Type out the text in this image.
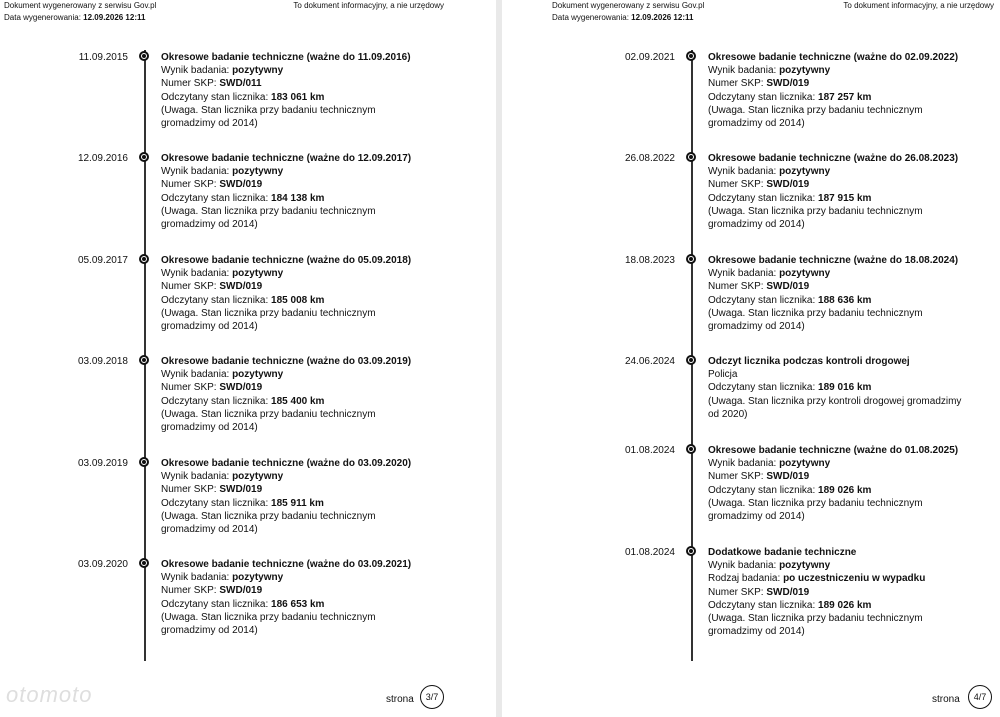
Dokument wygenerowany z serwisu Gov.pl
Data wygenerowania: 12.09.2026 12:11
To dokument informacyjny, a nie urzędowy
11.09.2015	Okresowe badanie techniczne (ważne do 11.09.2016)
Wynik badania: pozytywny
Numer SKP: SWD/011
Odczytany stan licznika: 183 061 km
(Uwaga. Stan licznika przy badaniu technicznym gromadzimy od 2014)
12.09.2016	Okresowe badanie techniczne (ważne do 12.09.2017)
Wynik badania: pozytywny
Numer SKP: SWD/019
Odczytany stan licznika: 184 138 km
(Uwaga. Stan licznika przy badaniu technicznym gromadzimy od 2014)
05.09.2017	Okresowe badanie techniczne (ważne do 05.09.2018)
Wynik badania: pozytywny
Numer SKP: SWD/019
Odczytany stan licznika: 185 008 km
(Uwaga. Stan licznika przy badaniu technicznym gromadzimy od 2014)
03.09.2018	Okresowe badanie techniczne (ważne do 03.09.2019)
Wynik badania: pozytywny
Numer SKP: SWD/019
Odczytany stan licznika: 185 400 km
(Uwaga. Stan licznika przy badaniu technicznym gromadzimy od 2014)
03.09.2019	Okresowe badanie techniczne (ważne do 03.09.2020)
Wynik badania: pozytywny
Numer SKP: SWD/019
Odczytany stan licznika: 185 911 km
(Uwaga. Stan licznika przy badaniu technicznym gromadzimy od 2014)
03.09.2020	Okresowe badanie techniczne (ważne do 03.09.2021)
Wynik badania: pozytywny
Numer SKP: SWD/019
Odczytany stan licznika: 186 653 km
(Uwaga. Stan licznika przy badaniu technicznym gromadzimy od 2014)
otomoto	strona	3/7
Dokument wygenerowany z serwisu Gov.pl
Data wygenerowania: 12.09.2026 12:11
To dokument informacyjny, a nie urzędowy
02.09.2021	Okresowe badanie techniczne (ważne do 02.09.2022)
Wynik badania: pozytywny
Numer SKP: SWD/019
Odczytany stan licznika: 187 257 km
(Uwaga. Stan licznika przy badaniu technicznym gromadzimy od 2014)
26.08.2022	Okresowe badanie techniczne (ważne do 26.08.2023)
Wynik badania: pozytywny
Numer SKP: SWD/019
Odczytany stan licznika: 187 915 km
(Uwaga. Stan licznika przy badaniu technicznym gromadzimy od 2014)
18.08.2023	Okresowe badanie techniczne (ważne do 18.08.2024)
Wynik badania: pozytywny
Numer SKP: SWD/019
Odczytany stan licznika: 188 636 km
(Uwaga. Stan licznika przy badaniu technicznym gromadzimy od 2014)
24.06.2024	Odczyt licznika podczas kontroli drogowej
Policja
Odczytany stan licznika: 189 016 km
(Uwaga. Stan licznika przy kontroli drogowej gromadzimy od 2020)
01.08.2024	Okresowe badanie techniczne (ważne do 01.08.2025)
Wynik badania: pozytywny
Numer SKP: SWD/019
Odczytany stan licznika: 189 026 km
(Uwaga. Stan licznika przy badaniu technicznym gromadzimy od 2014)
01.08.2024	Dodatkowe badanie techniczne
Wynik badania: pozytywny
Rodzaj badania: po uczestniczeniu w wypadku
Numer SKP: SWD/019
Odczytany stan licznika: 189 026 km
(Uwaga. Stan licznika przy badaniu technicznym gromadzimy od 2014)
strona	4/7
